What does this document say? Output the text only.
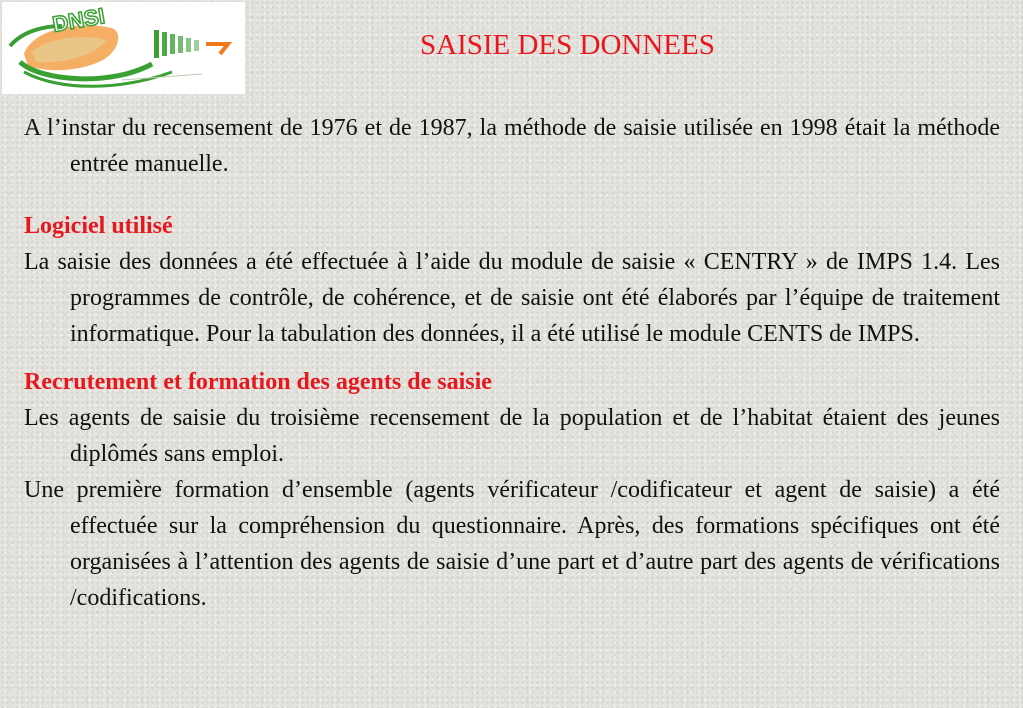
DNSI
SAISIE DES DONNEES

A l’instar du recensement de 1976 et de 1987, la méthode de saisie utilisée en 1998 était la méthode entrée manuelle.

Logiciel utilisé

La saisie des données a été effectuée à l’aide du module de saisie « CENTRY » de IMPS 1.4. Les programmes de contrôle, de cohérence, et de saisie ont été élaborés par l’équipe de traitement informatique. Pour la tabulation des données, il a été utilisé le module CENTS de IMPS.

Recrutement et formation des agents de saisie

Les agents de saisie du troisième recensement de la population et de l’habitat étaient des jeunes diplômés sans emploi.

Une première formation d’ensemble (agents vérificateur /codificateur et agent de saisie) a été effectuée sur la compréhension du questionnaire. Après, des formations spécifiques ont été organisées à l’attention des agents de saisie d’une part et d’autre part des agents de vérifications /codifications.
